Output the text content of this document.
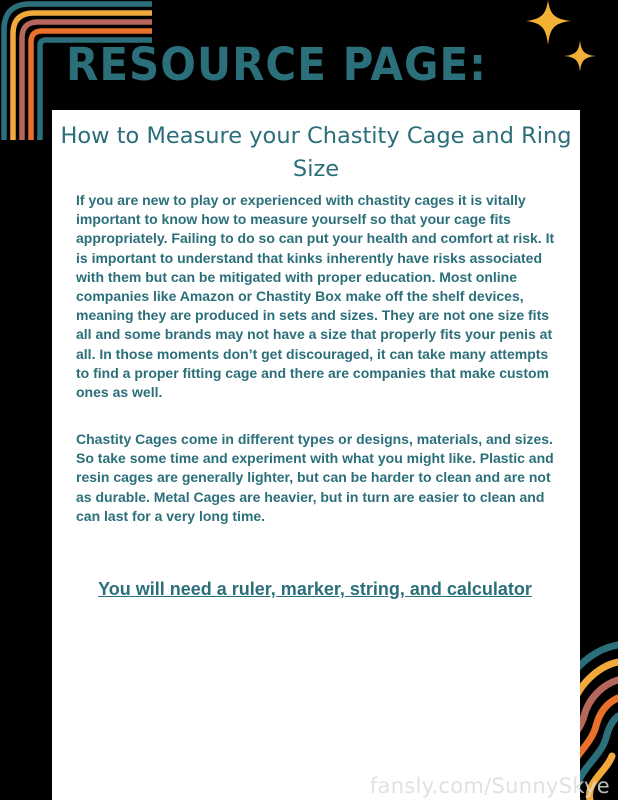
RESOURCE PAGE:
How to Measure your Chastity Cage and Ring Size

If you are new to play or experienced with chastity cages it is vitally important to know how to measure yourself so that your cage fits appropriately. Failing to do so can put your health and comfort at risk. It is important to understand that kinks inherently have risks associated with them but can be mitigated with proper education. Most online companies like Amazon or Chastity Box make off the shelf devices, meaning they are produced in sets and sizes. They are not one size fits all and some brands may not have a size that properly fits your penis at all. In those moments don’t get discouraged, it can take many attempts to find a proper fitting cage and there are companies that make custom ones as well.

Chastity Cages come in different types or designs, materials, and sizes. So take some time and experiment with what you might like. Plastic and resin cages are generally lighter, but can be harder to clean and are not as durable. Metal Cages are heavier, but in turn are easier to clean and can last for a very long time.

You will need a ruler, marker, string, and calculator

fansly.com/SunnySkye
